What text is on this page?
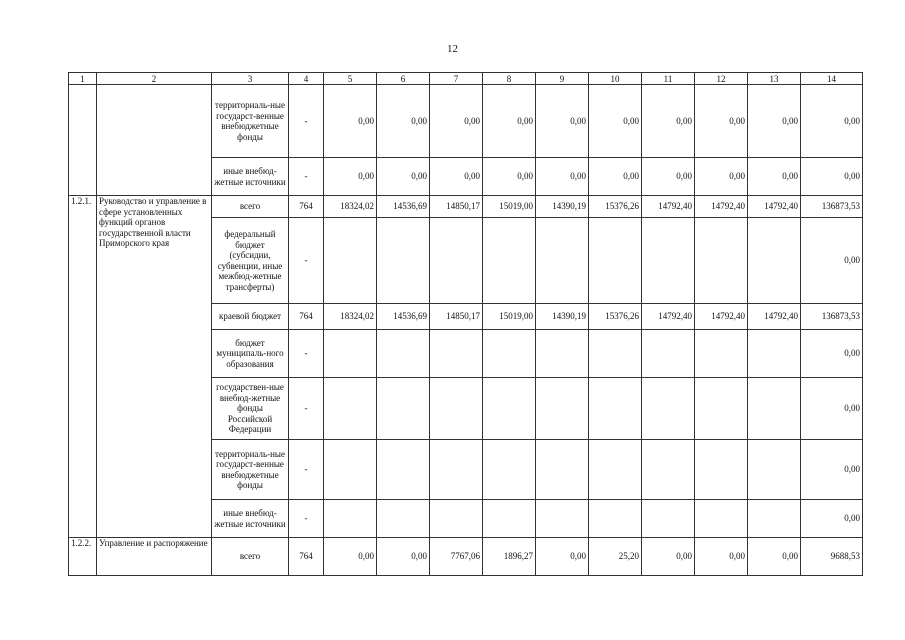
12
1	2	3	4	5	6	7	8	9	10	11	12	13	14
		территориаль-ные государст-венные внебюджетные фонды	-	0,00	0,00	0,00	0,00	0,00	0,00	0,00	0,00	0,00	0,00
		иные внебюд-жетные источники	-	0,00	0,00	0,00	0,00	0,00	0,00	0,00	0,00	0,00	0,00
1.2.1.	Руководство и управление в сфере установленных функций органов государственной власти Приморского края	всего	764	18324,02	14536,69	14850,17	15019,00	14390,19	15376,26	14792,40	14792,40	14792,40	136873,53
		федеральный бюджет (субсидии, субвенции, иные межбюд-жетные трансферты)	-										0,00
		краевой бюджет	764	18324,02	14536,69	14850,17	15019,00	14390,19	15376,26	14792,40	14792,40	14792,40	136873,53
		бюджет муниципаль-ного образования	-										0,00
		государствен-ные внебюд-жетные фонды Российской Федерации	-										0,00
		территориаль-ные государст-венные внебюджетные фонды	-										0,00
		иные внебюд-жетные источники	-										0,00
1.2.2.	Управление и распоряжение	всего	764	0,00	0,00	7767,06	1896,27	0,00	25,20	0,00	0,00	0,00	9688,53
